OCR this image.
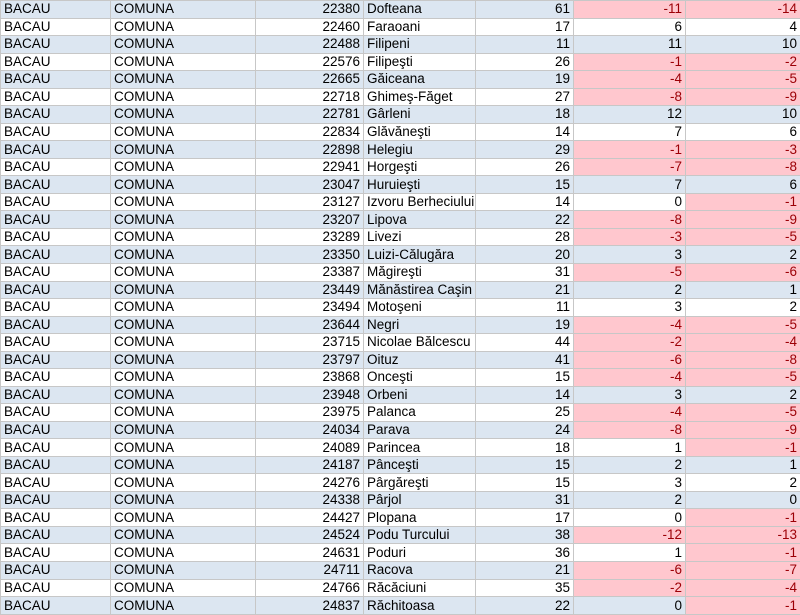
BACAU	COMUNA	22380	Dofteana	61	-11	-14
BACAU	COMUNA	22460	Faraoani	17	6	4
BACAU	COMUNA	22488	Filipeni	11	11	10
BACAU	COMUNA	22576	Filipeşti	26	-1	-2
BACAU	COMUNA	22665	Găiceana	19	-4	-5
BACAU	COMUNA	22718	Ghimeş-Făget	27	-8	-9
BACAU	COMUNA	22781	Gârleni	18	12	10
BACAU	COMUNA	22834	Glăvăneşti	14	7	6
BACAU	COMUNA	22898	Helegiu	29	-1	-3
BACAU	COMUNA	22941	Horgeşti	26	-7	-8
BACAU	COMUNA	23047	Huruieşti	15	7	6
BACAU	COMUNA	23127	Izvoru Berheciului	14	0	-1
BACAU	COMUNA	23207	Lipova	22	-8	-9
BACAU	COMUNA	23289	Livezi	28	-3	-5
BACAU	COMUNA	23350	Luizi-Călugăra	20	3	2
BACAU	COMUNA	23387	Măgireşti	31	-5	-6
BACAU	COMUNA	23449	Mănăstirea Caşin	21	2	1
BACAU	COMUNA	23494	Motoşeni	11	3	2
BACAU	COMUNA	23644	Negri	19	-4	-5
BACAU	COMUNA	23715	Nicolae Bălcescu	44	-2	-4
BACAU	COMUNA	23797	Oituz	41	-6	-8
BACAU	COMUNA	23868	Onceşti	15	-4	-5
BACAU	COMUNA	23948	Orbeni	14	3	2
BACAU	COMUNA	23975	Palanca	25	-4	-5
BACAU	COMUNA	24034	Parava	24	-8	-9
BACAU	COMUNA	24089	Parincea	18	1	-1
BACAU	COMUNA	24187	Pânceşti	15	2	1
BACAU	COMUNA	24276	Pârgăreşti	15	3	2
BACAU	COMUNA	24338	Pârjol	31	2	0
BACAU	COMUNA	24427	Plopana	17	0	-1
BACAU	COMUNA	24524	Podu Turcului	38	-12	-13
BACAU	COMUNA	24631	Poduri	36	1	-1
BACAU	COMUNA	24711	Racova	21	-6	-7
BACAU	COMUNA	24766	Răcăciuni	35	-2	-4
BACAU	COMUNA	24837	Răchitoasa	22	0	-1
